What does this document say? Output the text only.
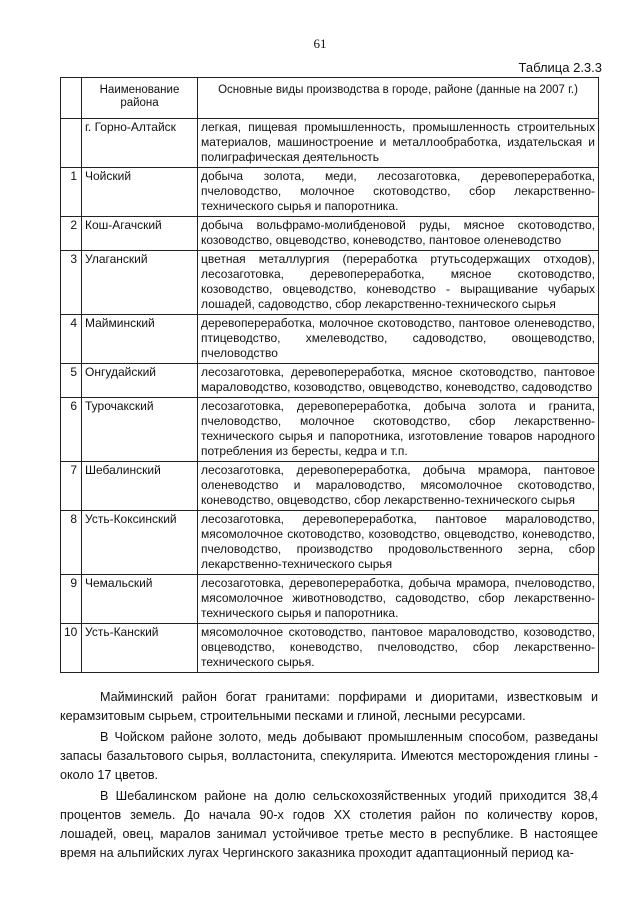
61
Таблица 2.3.3
	Наименование района	Основные виды производства в городе, районе (данные на 2007 г.)
	г. Горно-Алтайск	легкая, пищевая промышленность, промышленность строительных материалов, машиностроение и металлообработка, издательская и полиграфическая деятельность
1	Чойский	добыча золота, меди, лесозаготовка, деревопереработка, пчеловодство, молочное скотоводство, сбор лекарственно-технического сырья и папоротника.
2	Кош-Агачский	добыча вольфрамо-молибденовой руды, мясное скотоводство, козоводство, овцеводство, коневодство, пантовое оленеводство
3	Улаганский	цветная металлургия (переработка ртутьсодержащих отходов), лесозаготовка, деревопереработка, мясное скотоводство, козоводство, овцеводство, коневодство - выращивание чубарых лошадей, садоводство, сбор лекарственно-технического сырья
4	Майминский	деревопереработка, молочное скотоводство, пантовое оленеводство, птицеводство, хмелеводство, садоводство, овощеводство, пчеловодство
5	Онгудайский	лесозаготовка, деревопереработка, мясное скотоводство, пантовое мараловодство, козоводство, овцеводство, коневодство, садоводство
6	Турочакский	лесозаготовка, деревопереработка, добыча золота и гранита, пчеловодство, молочное скотоводство, сбор лекарственно-технического сырья и папоротника, изготовление товаров народного потребления из бересты, кедра и т.п.
7	Шебалинский	лесозаготовка, деревопереработка, добыча мрамора, пантовое оленеводство и мараловодство, мясомолочное скотоводство, коневодство, овцеводство, сбор лекарственно-технического сырья
8	Усть-Коксинский	лесозаготовка, деревопереработка, пантовое мараловодство, мясомолочное скотоводство, козоводство, овцеводство, коневодство, пчеловодство, производство продовольственного зерна, сбор лекарственно-технического сырья
9	Чемальский	лесозаготовка, деревопереработка, добыча мрамора, пчеловодство, мясомолочное животноводство, садоводство, сбор лекарственно-технического сырья и папоротника.
10	Усть-Канский	мясомолочное скотоводство, пантовое мараловодство, козоводство, овцеводство, коневодство, пчеловодство, сбор лекарственно-технического сырья.

Майминский район богат гранитами: порфирами и диоритами, известковым и керамзитовым сырьем, строительными песками и глиной, лесными ресурсами.

В Чойском районе золото, медь добывают промышленным способом, разведаны запасы базальтового сырья, волластонита, спекулярита. Имеются месторождения глины - около 17 цветов.

В Шебалинском районе на долю сельскохозяйственных угодий приходится 38,4 процентов земель. До начала 90-х годов XX столетия район по количеству коров, лошадей, овец, маралов занимал устойчивое третье место в республике. В настоящее время на альпийских лугах Чергинского заказника проходит адаптационный период ка-
